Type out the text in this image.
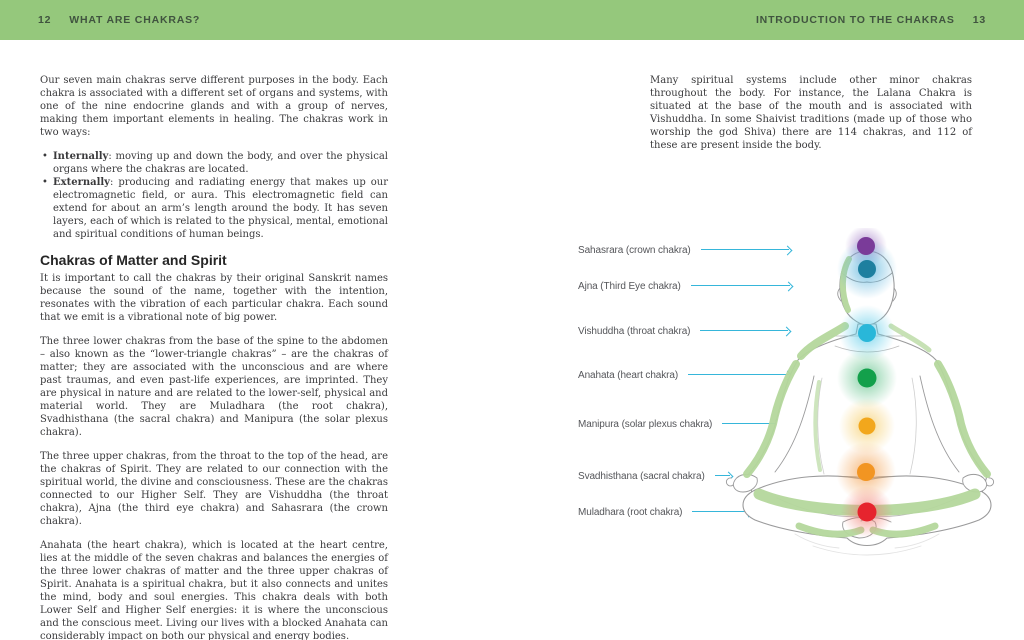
12 WHAT ARE CHAKRAS?	INTRODUCTION TO THE CHAKRAS 13

Our seven main chakras serve different purposes in the body. Each chakra is associated with a different set of organs and systems, with one of the nine endocrine glands and with a group of nerves, making them important elements in healing. The chakras work in two ways:

• Internally: moving up and down the body, and over the physical organs where the chakras are located.
• Externally: producing and radiating energy that makes up our electromagnetic field, or aura. This electromagnetic field can extend for about an arm’s length around the body. It has seven layers, each of which is related to the physical, mental, emotional and spiritual conditions of human beings.
Chakras of Matter and Spirit

It is important to call the chakras by their original Sanskrit names because the sound of the name, together with the intention, resonates with the vibration of each particular chakra. Each sound that we emit is a vibrational note of big power.

The three lower chakras from the base of the spine to the abdomen – also known as the “lower-triangle chakras” – are the chakras of matter; they are associated with the unconscious and are where past traumas, and even past-life experiences, are imprinted. They are physical in nature and are related to the lower-self, physical and material world. They are Muladhara (the root chakra), Svadhisthana (the sacral chakra) and Manipura (the solar plexus chakra).

The three upper chakras, from the throat to the top of the head, are the chakras of Spirit. They are related to our connection with the spiritual world, the divine and consciousness. These are the chakras connected to our Higher Self. They are Vishuddha (the throat chakra), Ajna (the third eye chakra) and Sahasrara (the crown chakra).

Anahata (the heart chakra), which is located at the heart centre, lies at the middle of the seven chakras and balances the energies of the three lower chakras of matter and the three upper chakras of Spirit. Anahata is a spiritual chakra, but it also connects and unites the mind, body and soul energies. This chakra deals with both Lower Self and Higher Self energies: it is where the unconscious and the conscious meet. Living our lives with a blocked Anahata can considerably impact on both our physical and energy bodies.

Many spiritual systems include other minor chakras throughout the body. For instance, the Lalana Chakra is situated at the base of the mouth and is associated with Vishuddha. In some Shaivist traditions (made up of those who worship the god Shiva) there are 114 chakras, and 112 of these are present inside the body.

Sahasrara (crown chakra)
Ajna (Third Eye chakra)
Vishuddha (throat chakra)
Anahata (heart chakra)
Manipura (solar plexus chakra)
Svadhisthana (sacral chakra)
Muladhara (root chakra)
